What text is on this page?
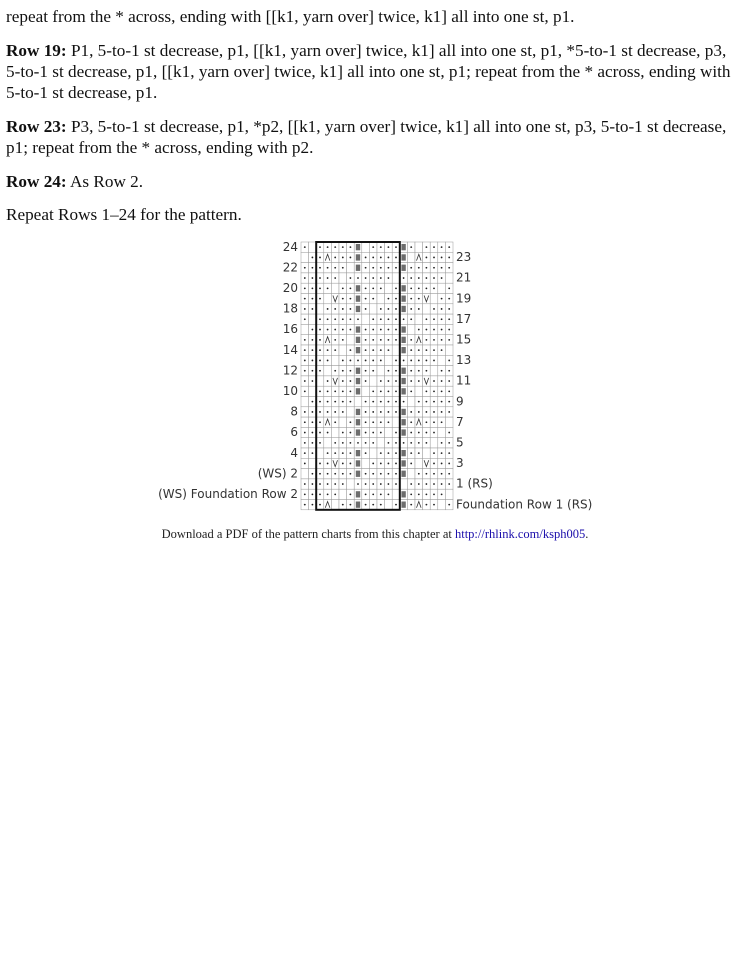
repeat from the * across, ending with [[k1, yarn over] twice, k1] all into one st, p1.

Row 19: P1, 5-to-1 st decrease, p1, [[k1, yarn over] twice, k1] all into one st, p1, *5-to-1 st decrease, p3, 5-to-1 st decrease, p1, [[k1, yarn over] twice, k1] all into one st, p1; repeat from the * across, ending with 5-to-1 st decrease, p1.

Row 23: P3, 5-to-1 st decrease, p1, *p2, [[k1, yarn over] twice, k1] all into one st, p3, 5-to-1 st decrease, p1; repeat from the * across, ending with p2.

Row 24: As Row 2.

Repeat Rows 1–24 for the pattern.

24
22
20
18
16
14
12
10
8
6
4
(WS) 2
(WS) Foundation Row 2
23
21
19
17
15
13
11
9
7
5
3
1 (RS)
Foundation Row 1 (RS)
Download a PDF of the pattern charts from this chapter at http://rhlink.com/ksph005.
